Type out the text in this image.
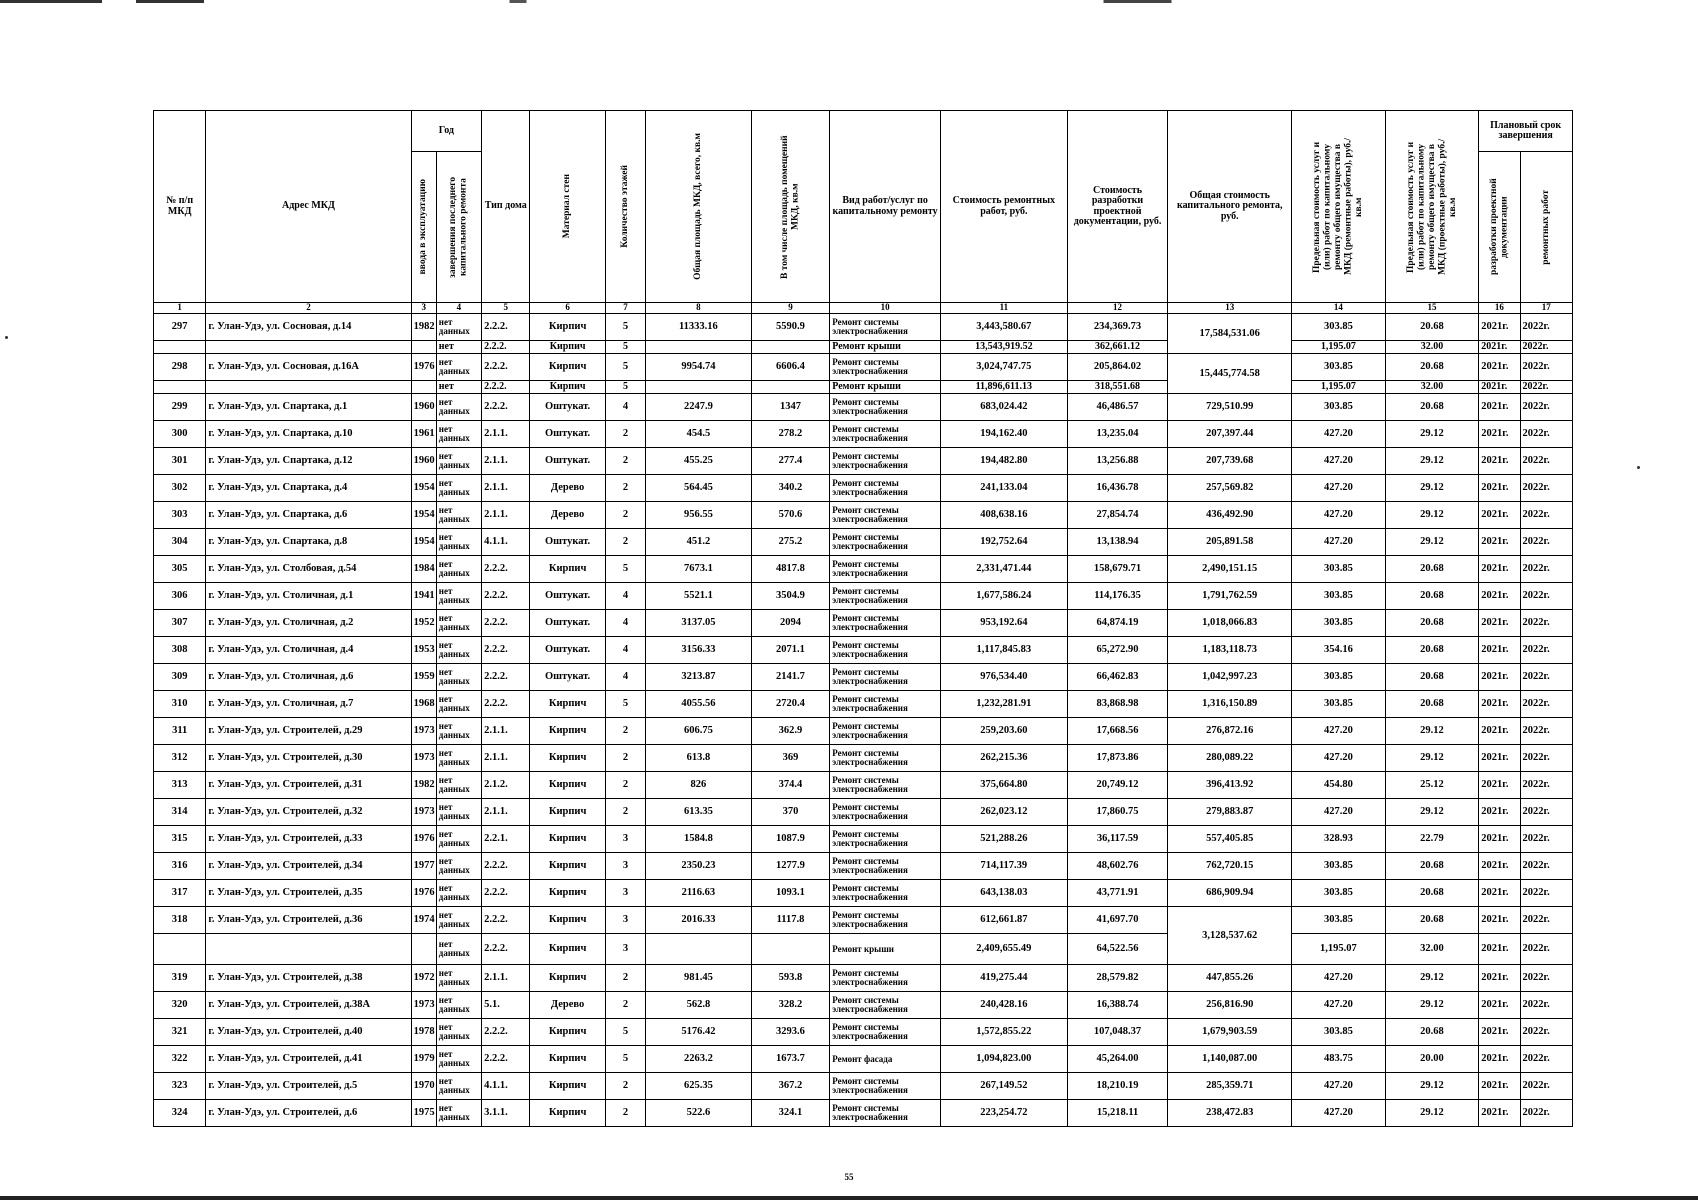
№ п/п МКД	Адрес МКД	Год		Тип дома	Материал стен	Количество этажей	Общая площадь МКД, всего, кв.м	В том числе площадь помещений МКД, кв.м	Вид работ/услуг по капитальному ремонту	Стоимость ремонтных работ, руб.	Стоимость разработки проектной документации, руб.	Общая стоимость капитального ремонта, руб.	Предельная стоимость услуг и (или) работ по капитальному ремонту общего имущества в МКД (ремонтные работы), руб./кв.м	Предельная стоимость услуг и (или) работ по капитальному ремонту общего имущества в МКД (проектные работы), руб./кв.м	Плановый срок завершения	

		ввода в эксплуатацию	завершения последнего капитального ремонта												разработки проектной документации	ремонтных работ

1	2	3	4	5	6	7	8	9	10	11	12	13	14	15	16	17
297	г. Улан-Удэ, ул. Сосновая, д.14	1982	нет данных	2.2.2.	Кирпич	5	11333.16	5590.9	Ремонт системы электроснабжения	3,443,580.67	234,369.73	17,584,531.06	303.85	20.68	2021г.	2022г.
			нет	2.2.2.	Кирпич	5			Ремонт крыши	13,543,919.52	362,661.12		1,195.07	32.00	2021г.	2022г.
298	г. Улан-Удэ, ул. Сосновая, д.16А	1976	нет данных	2.2.2.	Кирпич	5	9954.74	6606.4	Ремонт системы электроснабжения	3,024,747.75	205,864.02	15,445,774.58	303.85	20.68	2021г.	2022г.
			нет	2.2.2.	Кирпич	5			Ремонт крыши	11,896,611.13	318,551.68		1,195.07	32.00	2021г.	2022г.
299	г. Улан-Удэ, ул. Спартака, д.1	1960	нет данных	2.2.2.	Оштукат.	4	2247.9	1347	Ремонт системы электроснабжения	683,024.42	46,486.57	729,510.99	303.85	20.68	2021г.	2022г.
300	г. Улан-Удэ, ул. Спартака, д.10	1961	нет данных	2.1.1.	Оштукат.	2	454.5	278.2	Ремонт системы электроснабжения	194,162.40	13,235.04	207,397.44	427.20	29.12	2021г.	2022г.
301	г. Улан-Удэ, ул. Спартака, д.12	1960	нет данных	2.1.1.	Оштукат.	2	455.25	277.4	Ремонт системы электроснабжения	194,482.80	13,256.88	207,739.68	427.20	29.12	2021г.	2022г.
302	г. Улан-Удэ, ул. Спартака, д.4	1954	нет данных	2.1.1.	Дерево	2	564.45	340.2	Ремонт системы электроснабжения	241,133.04	16,436.78	257,569.82	427.20	29.12	2021г.	2022г.
303	г. Улан-Удэ, ул. Спартака, д.6	1954	нет данных	2.1.1.	Дерево	2	956.55	570.6	Ремонт системы электроснабжения	408,638.16	27,854.74	436,492.90	427.20	29.12	2021г.	2022г.
304	г. Улан-Удэ, ул. Спартака, д.8	1954	нет данных	4.1.1.	Оштукат.	2	451.2	275.2	Ремонт системы электроснабжения	192,752.64	13,138.94	205,891.58	427.20	29.12	2021г.	2022г.
305	г. Улан-Удэ, ул. Столбовая, д.54	1984	нет данных	2.2.2.	Кирпич	5	7673.1	4817.8	Ремонт системы электроснабжения	2,331,471.44	158,679.71	2,490,151.15	303.85	20.68	2021г.	2022г.
306	г. Улан-Удэ, ул. Столичная, д.1	1941	нет данных	2.2.2.	Оштукат.	4	5521.1	3504.9	Ремонт системы электроснабжения	1,677,586.24	114,176.35	1,791,762.59	303.85	20.68	2021г.	2022г.
307	г. Улан-Удэ, ул. Столичная, д.2	1952	нет данных	2.2.2.	Оштукат.	4	3137.05	2094	Ремонт системы электроснабжения	953,192.64	64,874.19	1,018,066.83	303.85	20.68	2021г.	2022г.
308	г. Улан-Удэ, ул. Столичная, д.4	1953	нет данных	2.2.2.	Оштукат.	4	3156.33	2071.1	Ремонт системы электроснабжения	1,117,845.83	65,272.90	1,183,118.73	354.16	20.68	2021г.	2022г.
309	г. Улан-Удэ, ул. Столичная, д.6	1959	нет данных	2.2.2.	Оштукат.	4	3213.87	2141.7	Ремонт системы электроснабжения	976,534.40	66,462.83	1,042,997.23	303.85	20.68	2021г.	2022г.
310	г. Улан-Удэ, ул. Столичная, д.7	1968	нет данных	2.2.2.	Кирпич	5	4055.56	2720.4	Ремонт системы электроснабжения	1,232,281.91	83,868.98	1,316,150.89	303.85	20.68	2021г.	2022г.
311	г. Улан-Удэ, ул. Строителей, д.29	1973	нет данных	2.1.1.	Кирпич	2	606.75	362.9	Ремонт системы электроснабжения	259,203.60	17,668.56	276,872.16	427.20	29.12	2021г.	2022г.
312	г. Улан-Удэ, ул. Строителей, д.30	1973	нет данных	2.1.1.	Кирпич	2	613.8	369	Ремонт системы электроснабжения	262,215.36	17,873.86	280,089.22	427.20	29.12	2021г.	2022г.
313	г. Улан-Удэ, ул. Строителей, д.31	1982	нет данных	2.1.2.	Кирпич	2	826	374.4	Ремонт системы электроснабжения	375,664.80	20,749.12	396,413.92	454.80	25.12	2021г.	2022г.
314	г. Улан-Удэ, ул. Строителей, д.32	1973	нет данных	2.1.1.	Кирпич	2	613.35	370	Ремонт системы электроснабжения	262,023.12	17,860.75	279,883.87	427.20	29.12	2021г.	2022г.
315	г. Улан-Удэ, ул. Строителей, д.33	1976	нет данных	2.2.1.	Кирпич	3	1584.8	1087.9	Ремонт системы электроснабжения	521,288.26	36,117.59	557,405.85	328.93	22.79	2021г.	2022г.
316	г. Улан-Удэ, ул. Строителей, д.34	1977	нет данных	2.2.2.	Кирпич	3	2350.23	1277.9	Ремонт системы электроснабжения	714,117.39	48,602.76	762,720.15	303.85	20.68	2021г.	2022г.
317	г. Улан-Удэ, ул. Строителей, д.35	1976	нет данных	2.2.2.	Кирпич	3	2116.63	1093.1	Ремонт системы электроснабжения	643,138.03	43,771.91	686,909.94	303.85	20.68	2021г.	2022г.
318	г. Улан-Удэ, ул. Строителей, д.36	1974	нет данных	2.2.2.	Кирпич	3	2016.33	1117.8	Ремонт системы электроснабжения	612,661.87	41,697.70	3,128,537.62	303.85	20.68	2021г.	2022г.
			нет данных	2.2.2.	Кирпич	3			Ремонт крыши	2,409,655.49	64,522.56		1,195.07	32.00	2021г.	2022г.
319	г. Улан-Удэ, ул. Строителей, д.38	1972	нет данных	2.1.1.	Кирпич	2	981.45	593.8	Ремонт системы электроснабжения	419,275.44	28,579.82	447,855.26	427.20	29.12	2021г.	2022г.
320	г. Улан-Удэ, ул. Строителей, д.38А	1973	нет данных	5.1.	Дерево	2	562.8	328.2	Ремонт системы электроснабжения	240,428.16	16,388.74	256,816.90	427.20	29.12	2021г.	2022г.
321	г. Улан-Удэ, ул. Строителей, д.40	1978	нет данных	2.2.2.	Кирпич	5	5176.42	3293.6	Ремонт системы электроснабжения	1,572,855.22	107,048.37	1,679,903.59	303.85	20.68	2021г.	2022г.
322	г. Улан-Удэ, ул. Строителей, д.41	1979	нет данных	2.2.2.	Кирпич	5	2263.2	1673.7	Ремонт фасада	1,094,823.00	45,264.00	1,140,087.00	483.75	20.00	2021г.	2022г.
323	г. Улан-Удэ, ул. Строителей, д.5	1970	нет данных	4.1.1.	Кирпич	2	625.35	367.2	Ремонт системы электроснабжения	267,149.52	18,210.19	285,359.71	427.20	29.12	2021г.	2022г.
324	г. Улан-Удэ, ул. Строителей, д.6	1975	нет данных	3.1.1.	Кирпич	2	522.6	324.1	Ремонт системы электроснабжения	223,254.72	15,218.11	238,472.83	427.20	29.12	2021г.	2022г.
55
